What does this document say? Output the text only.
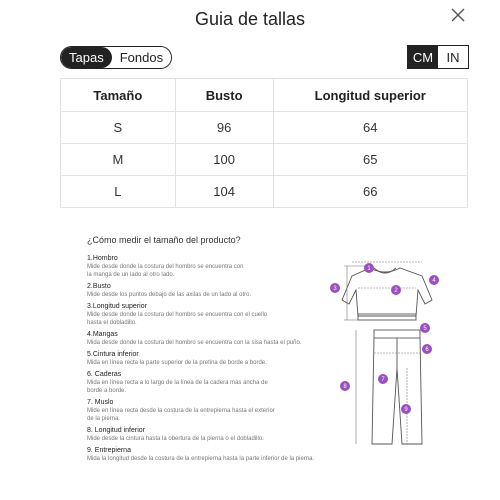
Guia de tallas
Tapas	Fondos	CM	IN
Tamaño	Busto	Longitud superior
S	96	64
M	100	65
L	104	66
¿Cómo medir el tamaño del producto?
1.Hombro
Mide desde donde la costura del hombro se encuentra con
la manga de un lado al otro lado.
2.Busto
Mide desde los puntos debajo de las axilas de un lado al otro.
3.Longitud superior
Mide desde donde la costura del hombro se encuentra con el cuello
hasta el dobladillo.
4.Mangas
Mida desde donde la costura del hombro se encuentra con la sisa hasta el puño.
5.Cintura inferior
Mida en línea recta la parte superior de la pretina de borde a borde.
6. Caderas
Mida en línea recta a lo largo de la línea de la cadera más ancha de
borde a borde.
7. Muslo
Mide en línea recta desde la costura de la entrepierna hasta el exterior
de la pierna.
8. Longitud inferior
Mide desde la cintura hasta la obertura de la pierna o el dobladillo.
9. Entrepierna
Mida la longitud desde la costura de la entrepierna hasta la parte inferior de la pierna.
1
2
3
4
5
6
7
8
9
